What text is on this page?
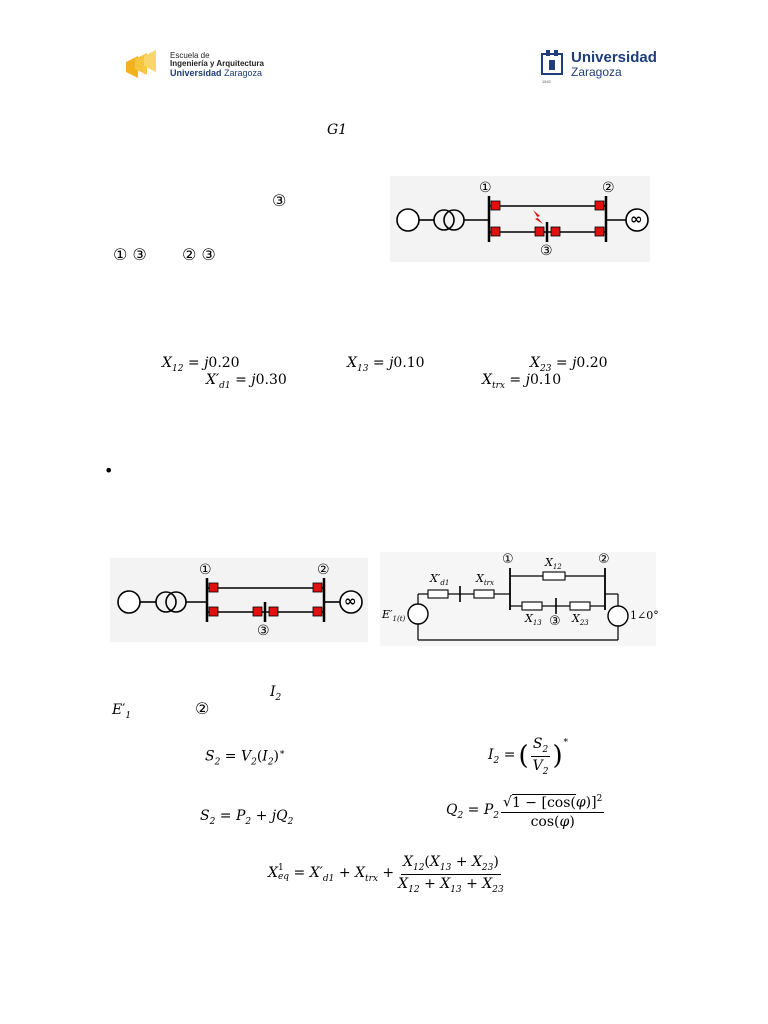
Escuela de
Ingeniería y Arquitectura
Universidad Zaragoza
1542
Universidad
Zaragoza
G1
③
① ③ ② ③
①	②
③
∞
$X_{12} = j0.20$	$X_{13} = j0.10$	$X_{23} = j0.20$
$X'_{d1} = j0.30$	$X_{trx} = j0.10$
•
①	②
③
∞
①	②
③
$X'_{d1}$ $X_{trx}$
$X_{12}$
$X_{13}$	$X_{23}$
$E'_{1(t)}$	1∠0°
$I_2$
$E'_1$	②
$S_2 = V_2(I_2)^∗$	$I_2$ = ( $\frac{S_2}{V_2}$ )
∗
$S_2 = P_2 + jQ_2$
$Q_2 = P_2 \frac{√1 - [\cos(\varphi)]^2}{\cos(\varphi)}$
X 1
eq = $X'_{d1} + X_{trx} + \frac{X_{12}(X_{13} + X_{23})}{X_{12} + X_{13} + X_{23}}$
